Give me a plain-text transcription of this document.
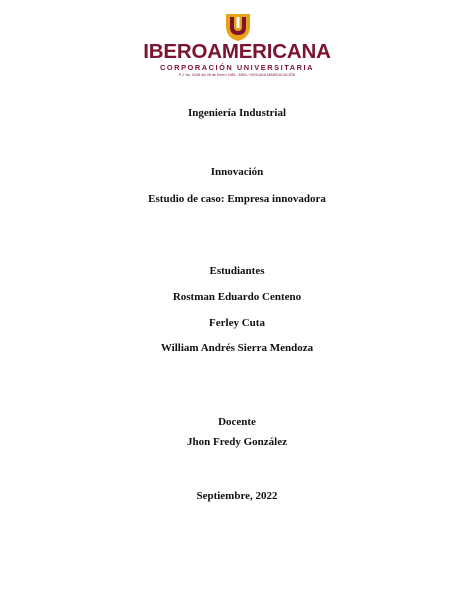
IBEROAMERICANA
CORPORACIÓN UNIVERSITARIA
P.J. No. 0428 del 28 de Enero 1982 - MEN / VIGILADA MINEDUCACIÓN
Ingeniería Industrial
Innovación
Estudio de caso: Empresa innovadora
Estudiantes
Rostman Eduardo Centeno
Ferley Cuta
William Andrés Sierra Mendoza
Docente
Jhon Fredy González
Septiembre, 2022
